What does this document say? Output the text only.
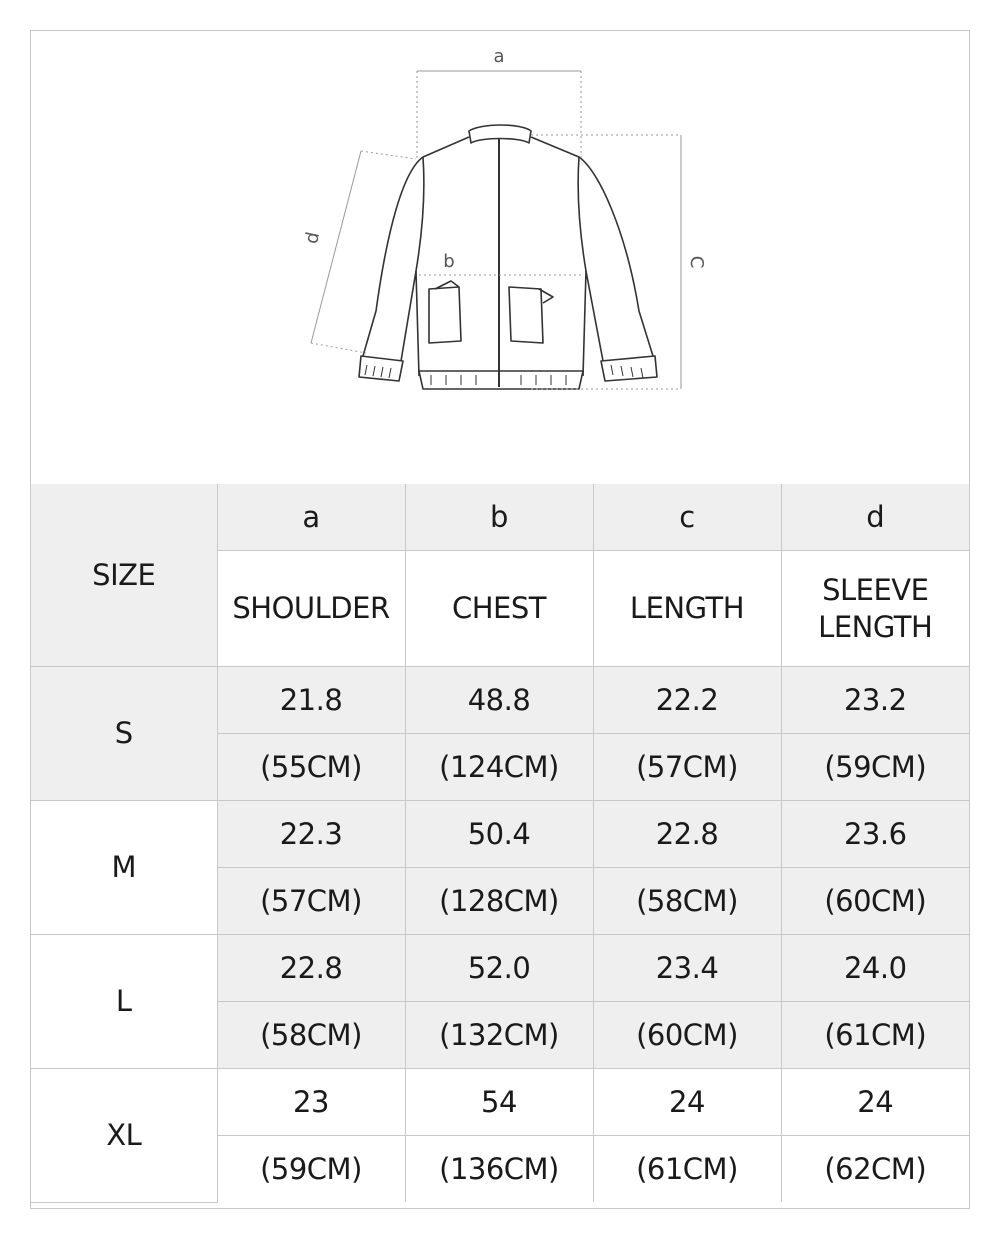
a
b	C
d
SIZE	a	b	c	d
	SHOULDER	CHEST	LENGTH	SLEEVE LENGTH
S	21.8	48.8	22.2	23.2
	(55CM)	(124CM)	(57CM)	(59CM)
M	22.3	50.4	22.8	23.6
	(57CM)	(128CM)	(58CM)	(60CM)
L	22.8	52.0	23.4	24.0
	(58CM)	(132CM)	(60CM)	(61CM)
XL	23	54	24	24
	(59CM)	(136CM)	(61CM)	(62CM)
